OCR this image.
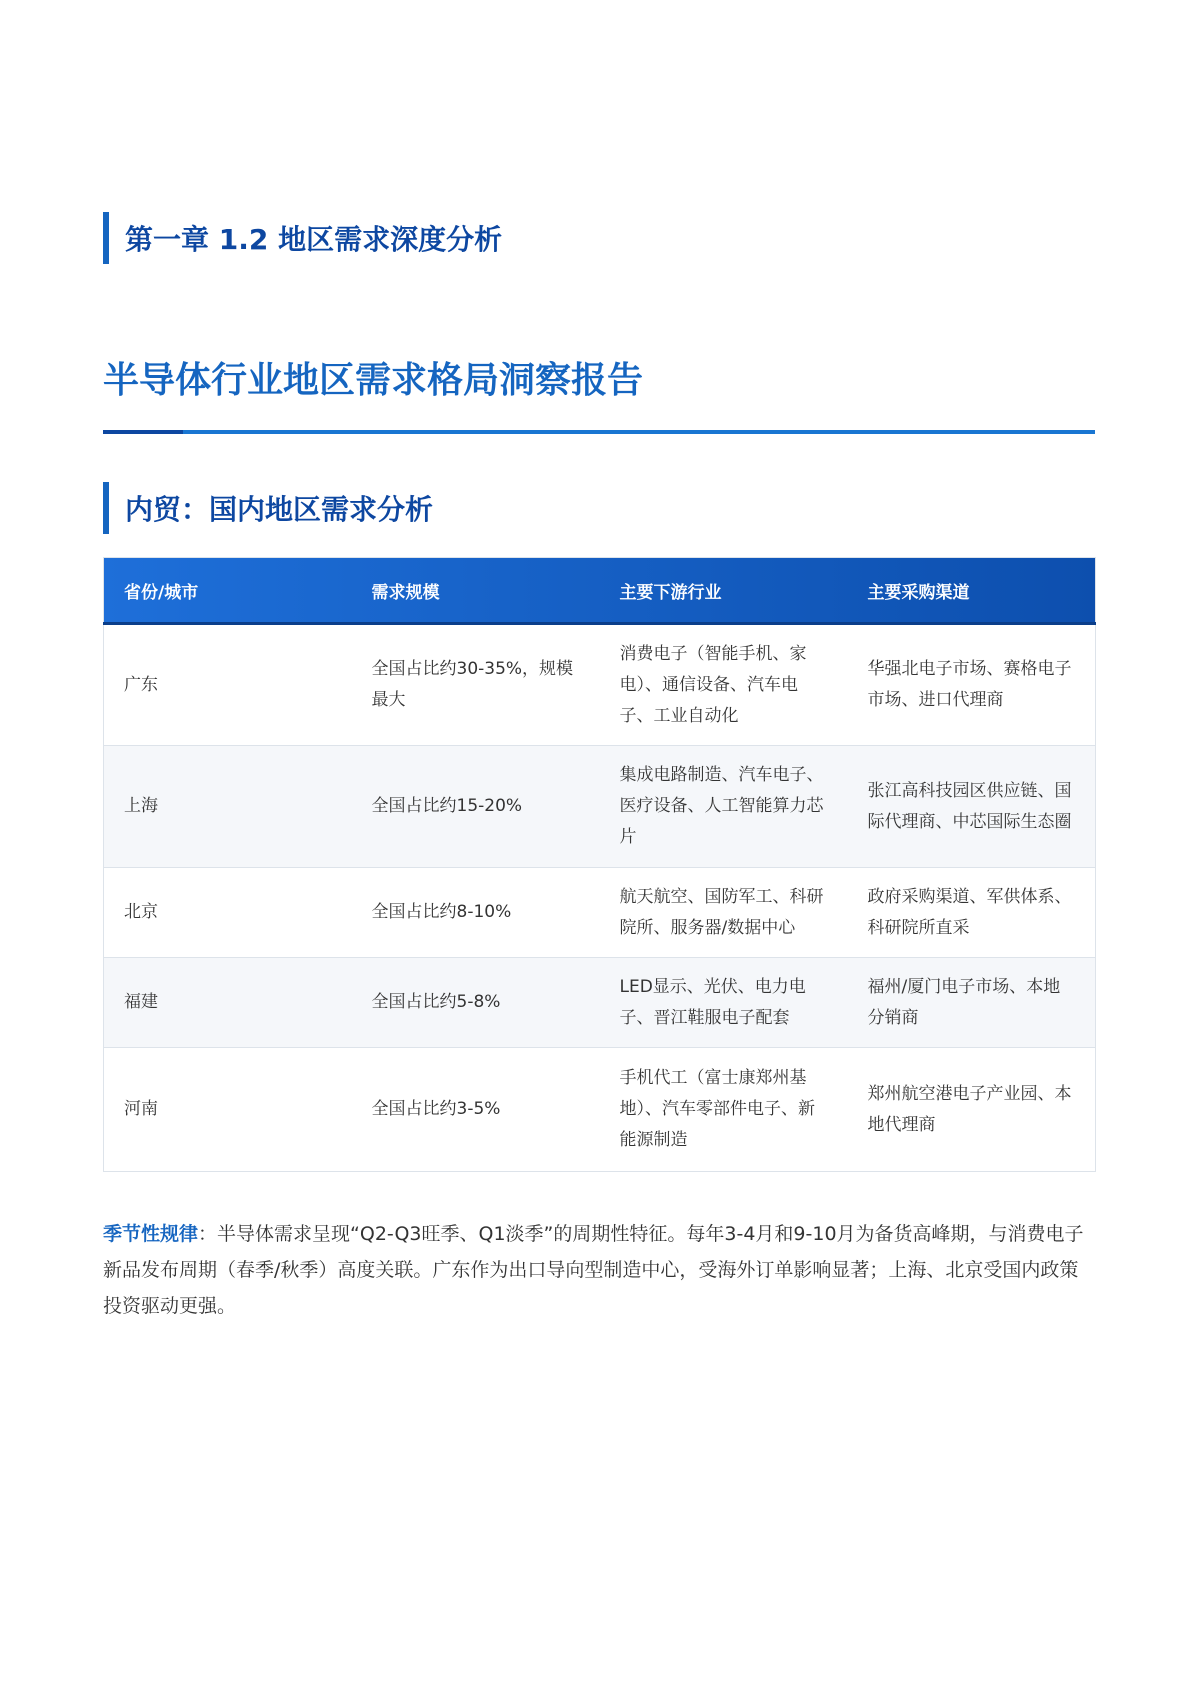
第一章 1.2 地区需求深度分析
半导体行业地区需求格局洞察报告
内贸：国内地区需求分析
省份/城市	需求规模	主要下游行业	主要采购渠道
广东	全国占比约30-35%，规模最大	消费电子（智能手机、家电）、通信设备、汽车电子、工业自动化	华强北电子市场、赛格电子市场、进口代理商
上海	全国占比约15-20%	集成电路制造、汽车电子、医疗设备、人工智能算力芯片	张江高科技园区供应链、国际代理商、中芯国际生态圈
北京	全国占比约8-10%	航天航空、国防军工、科研院所、服务器/数据中心	政府采购渠道、军供体系、科研院所直采
福建	全国占比约5-8%	LED显示、光伏、电力电子、晋江鞋服电子配套	福州/厦门电子市场、本地分销商
河南	全国占比约3-5%	手机代工（富士康郑州基地）、汽车零部件电子、新能源制造	郑州航空港电子产业园、本地代理商

季节性规律：半导体需求呈现“Q2-Q3旺季、Q1淡季”的周期性特征。每年3-4月和9-10月为备货高峰期，与消费电子新品发布周期（春季/秋季）高度关联。广东作为出口导向型制造中心，受海外订单影响显著；上海、北京受国内政策投资驱动更强。
